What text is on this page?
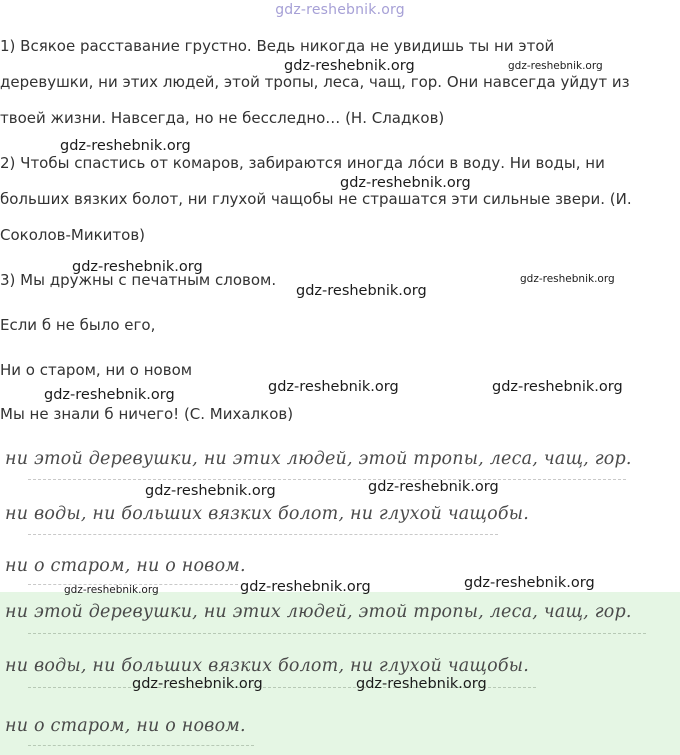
gdz-reshebnik.org

1) Всякое расставание грустно. Ведь никогда не увидишь ты ни этой

деревушки, ни этих людей, этой тропы, леса, чащ, гор. Они навсегда уйдут из

твоей жизни. Навсегда, но не бесследно… (Н. Сладков)

2) Чтобы спастись от комаров, забираются иногда лóси в воду. Ни воды, ни

больших вязких болот, ни глухой чащобы не страшатся эти сильные звери. (И.

Соколов-Микитов)

3) Мы дружны с печатным словом.

Если б не было его,

Ни о старом, ни о новом

Мы не знали б ничего! (С. Михалков)

ни этой деревушки, ни этих людей, этой тропы, леса, чащ, гор.
ни воды, ни больших вязких болот, ни глухой чащобы.
ни о старом, ни о новом.
ни этой деревушки, ни этих людей, этой тропы, леса, чащ, гор.
ни воды, ни больших вязких болот, ни глухой чащобы.
ни о старом, ни о новом.
gdz-reshebnik.org	gdz-reshebnik.org
gdz-reshebnik.org
gdz-reshebnik.org
gdz-reshebnik.org
gdz-reshebnik.org
gdz-reshebnik.org
gdz-reshebnik.org	gdz-reshebnik.org	gdz-reshebnik.org
gdz-reshebnik.org	gdz-reshebnik.org
gdz-reshebnik.org	gdz-reshebnik.org	gdz-reshebnik.org
gdz-reshebnik.org	gdz-reshebnik.org
